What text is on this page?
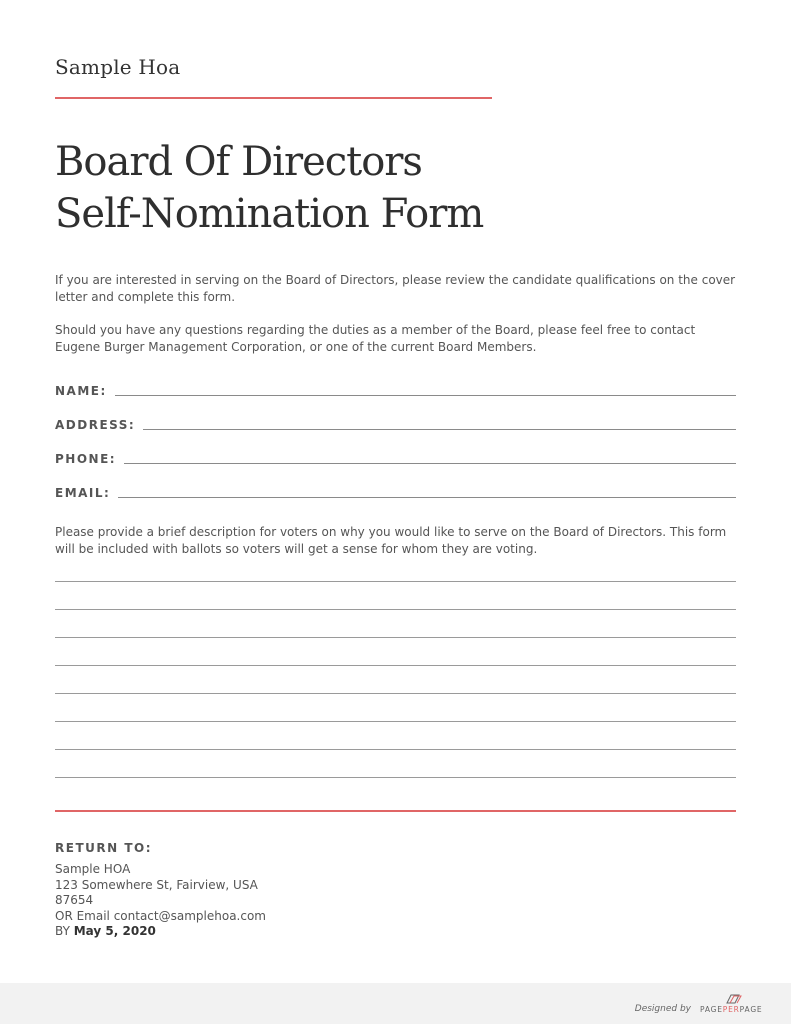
Sample Hoa
Board Of Directors
Self-Nomination Form
If you are interested in serving on the Board of Directors, please review the candidate qualifications on the cover letter and complete this form.
Should you have any questions regarding the duties as a member of the Board, please feel free to contact Eugene Burger Management Corporation, or one of the current Board Members.
NAME:
ADDRESS:
PHONE:
EMAIL:
Please provide a brief description for voters on why you would like to serve on the Board of Directors. This form will be included with ballots so voters will get a sense for whom they are voting.
RETURN TO:
Sample HOA
123 Somewhere St, Fairview, USA
87654
OR Email contact@samplehoa.com
BY May 5, 2020
Designed by PAGEPERPAGE
